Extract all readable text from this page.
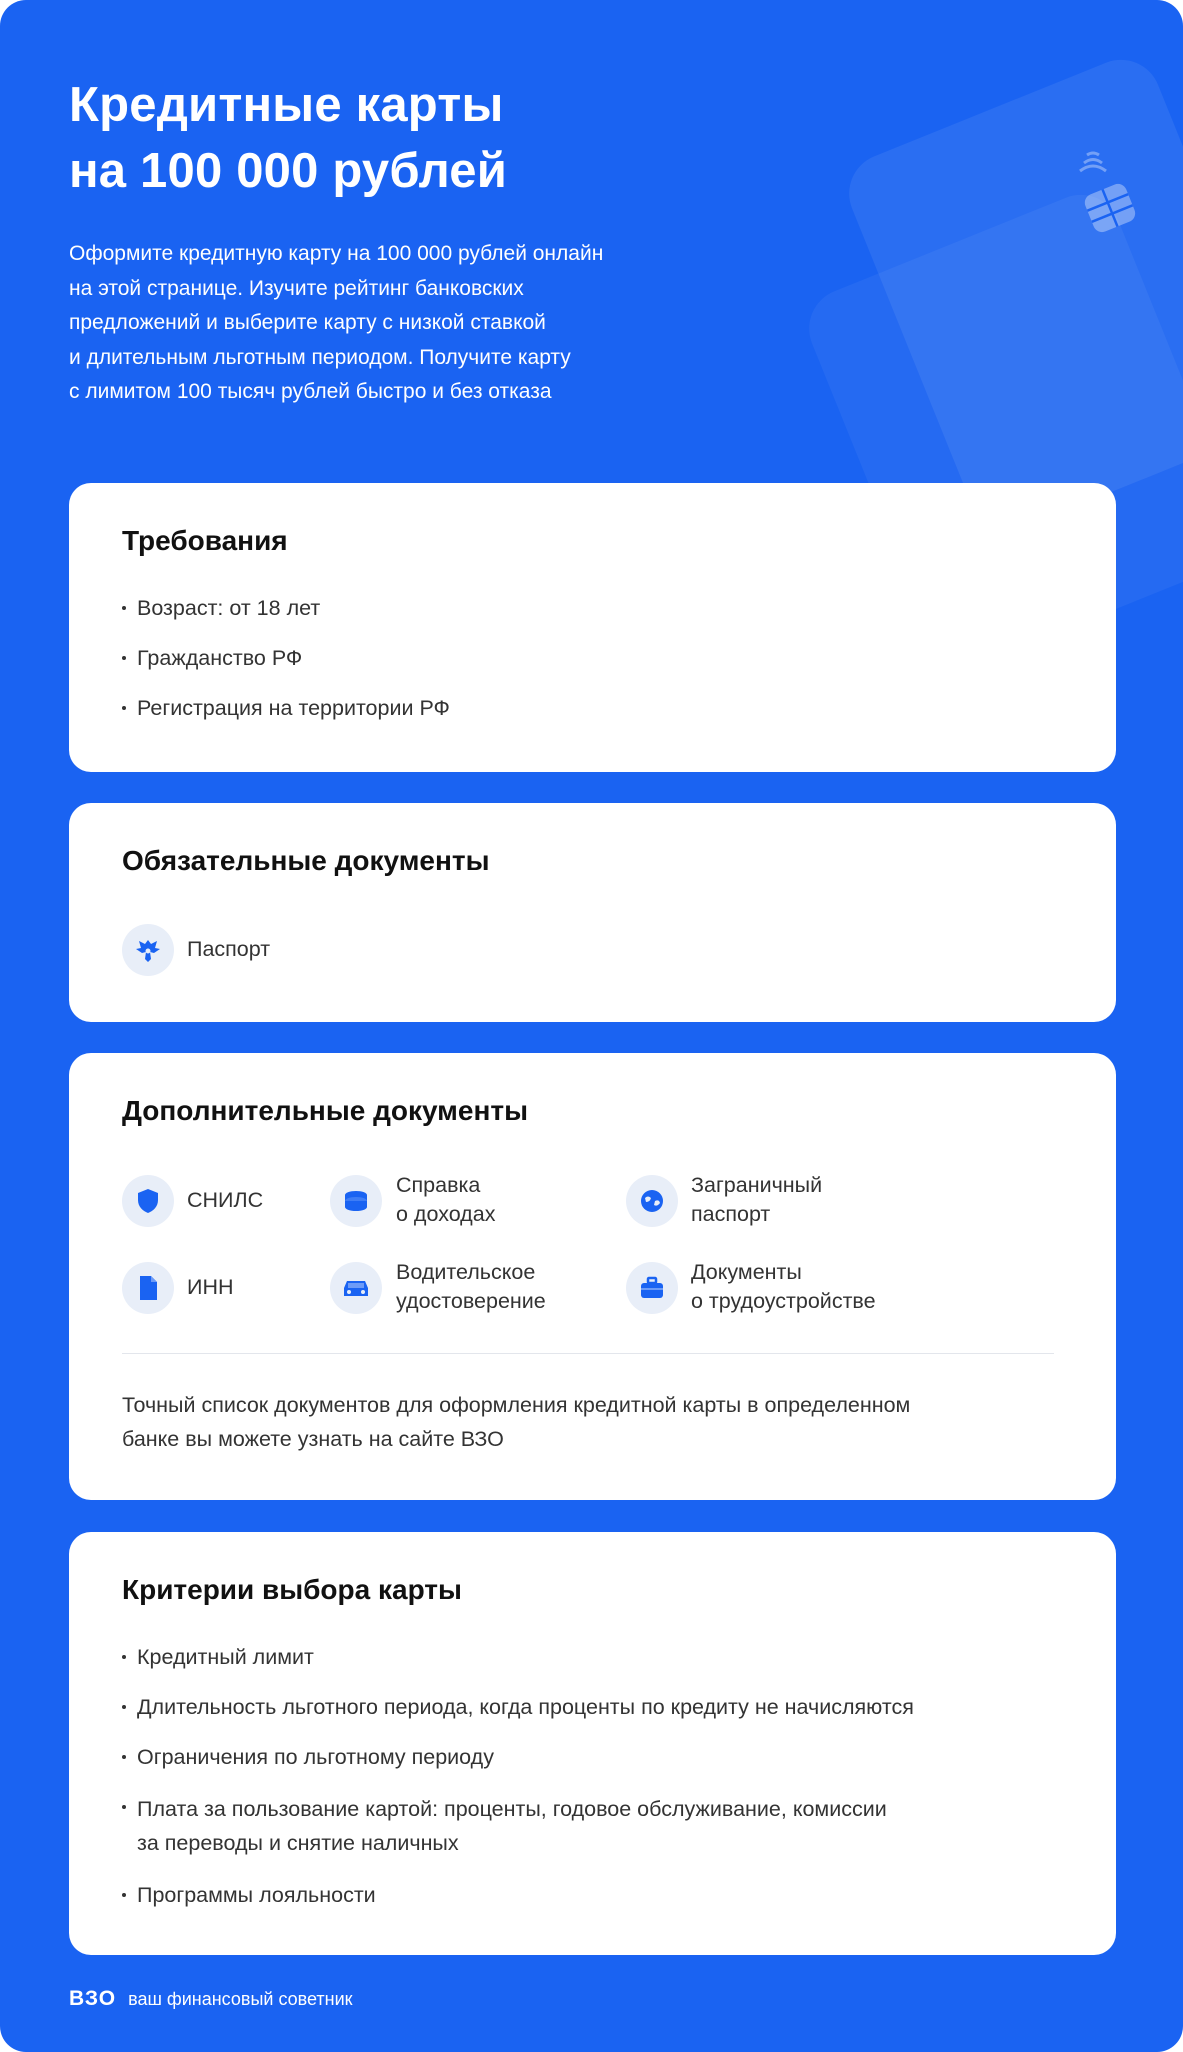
Кредитные карты
на 100 000 рублей

Оформите кредитную карту на 100 000 рублей онлайн
на этой странице. Изучите рейтинг банковских
предложений и выберите карту с низкой ставкой
и длительным льготным периодом. Получите карту
с лимитом 100 тысяч рублей быстро и без отказа

Требования
Возраст: от 18 лет
Гражданство РФ
Регистрация на территории РФ
Обязательные документы
Паспорт
Дополнительные документы
СНИЛС
Справка
о доходах
Заграничный
паспорт
ИНН
Водительское
удостоверение
Документы
о трудоустройстве

Точный список документов для оформления кредитной карты в определенном
банке вы можете узнать на сайте ВЗО

Критерии выбора карты
Кредитный лимит
Длительность льготного периода, когда проценты по кредиту не начисляются
Ограничения по льготному периоду
Плата за пользование картой: проценты, годовое обслуживание, комиссии
за переводы и снятие наличных
Программы лояльности
ВЗО ваш финансовый советник
